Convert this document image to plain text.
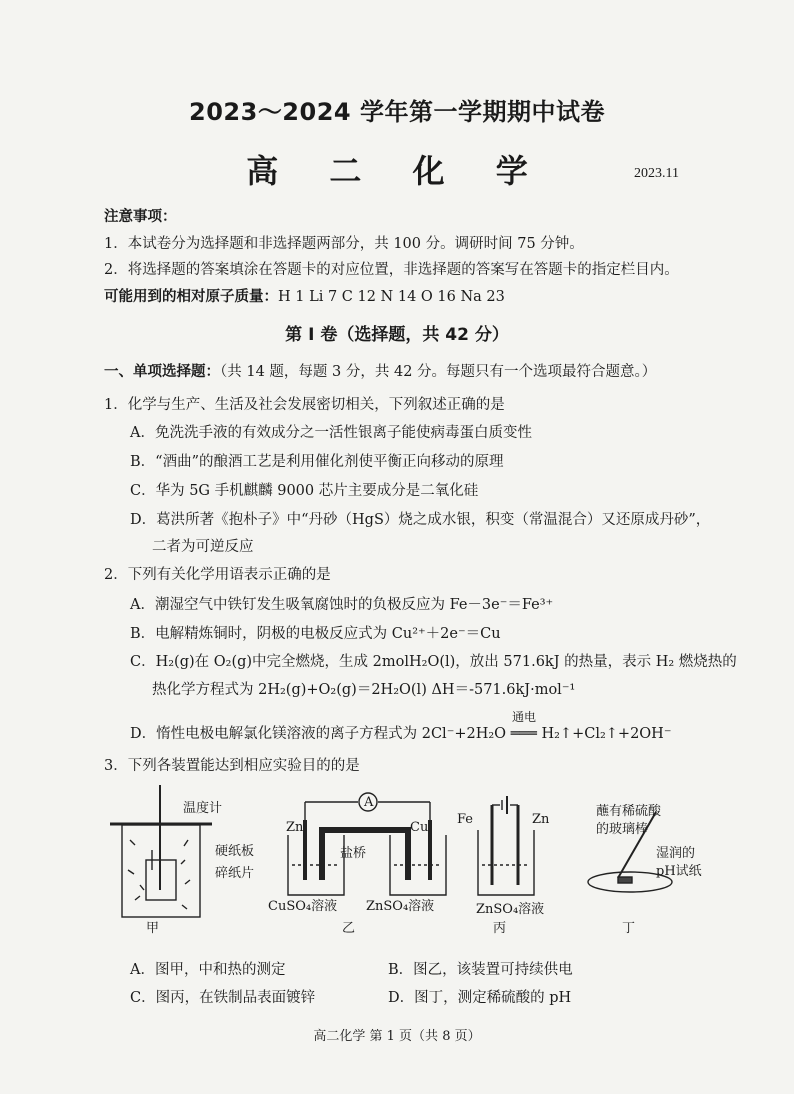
2023～2024 学年第一学期期中试卷
高 二 化 学	2023.11
注意事项：
1．本试卷分为选择题和非选择题两部分，共 100 分。调研时间 75 分钟。
2．将选择题的答案填涂在答题卡的对应位置，非选择题的答案写在答题卡的指定栏目内。
可能用到的相对原子质量：H 1 Li 7 C 12 N 14 O 16 Na 23
第 I 卷（选择题，共 42 分）
一、单项选择题：（共 14 题，每题 3 分，共 42 分。每题只有一个选项最符合题意。）
1．化学与生产、生活及社会发展密切相关，下列叙述正确的是
A．免洗洗手液的有效成分之一活性银离子能使病毒蛋白质变性
B．“酒曲”的酿酒工艺是利用催化剂使平衡正向移动的原理
C．华为 5G 手机麒麟 9000 芯片主要成分是二氧化硅
D．葛洪所著《抱朴子》中“丹砂（HgS）烧之成水银，积变（常温混合）又还原成丹砂”，
二者为可逆反应
2．下列有关化学用语表示正确的是
A．潮湿空气中铁钉发生吸氧腐蚀时的负极反应为 Fe－3e⁻＝Fe³⁺
B．电解精炼铜时，阴极的电极反应式为 Cu²⁺＋2e⁻＝Cu
C．H₂(g)在 O₂(g)中完全燃烧，生成 2molH₂O(l)，放出 571.6kJ 的热量，表示 H₂ 燃烧热的
热化学方程式为 2H₂(g)+O₂(g)＝2H₂O(l) ΔH＝-571.6kJ·mol⁻¹
通电
D．惰性电极电解氯化镁溶液的离子方程式为 2Cl⁻+2H₂O ═══ H₂↑+Cl₂↑+2OH⁻
3．下列各装置能达到相应实验目的的是
温度计
硬纸板
碎纸片
甲
A
Zn	Cu
盐桥
CuSO₄溶液 ZnSO₄溶液
乙
Fe	Zn
ZnSO₄溶液
丙
蘸有稀硫酸
的玻璃棒
湿润的
pH试纸
丁
A．图甲，中和热的测定	B．图乙，该装置可持续供电
C．图丙，在铁制品表面镀锌	D．图丁，测定稀硫酸的 pH
高二化学 第 1 页（共 8 页）
